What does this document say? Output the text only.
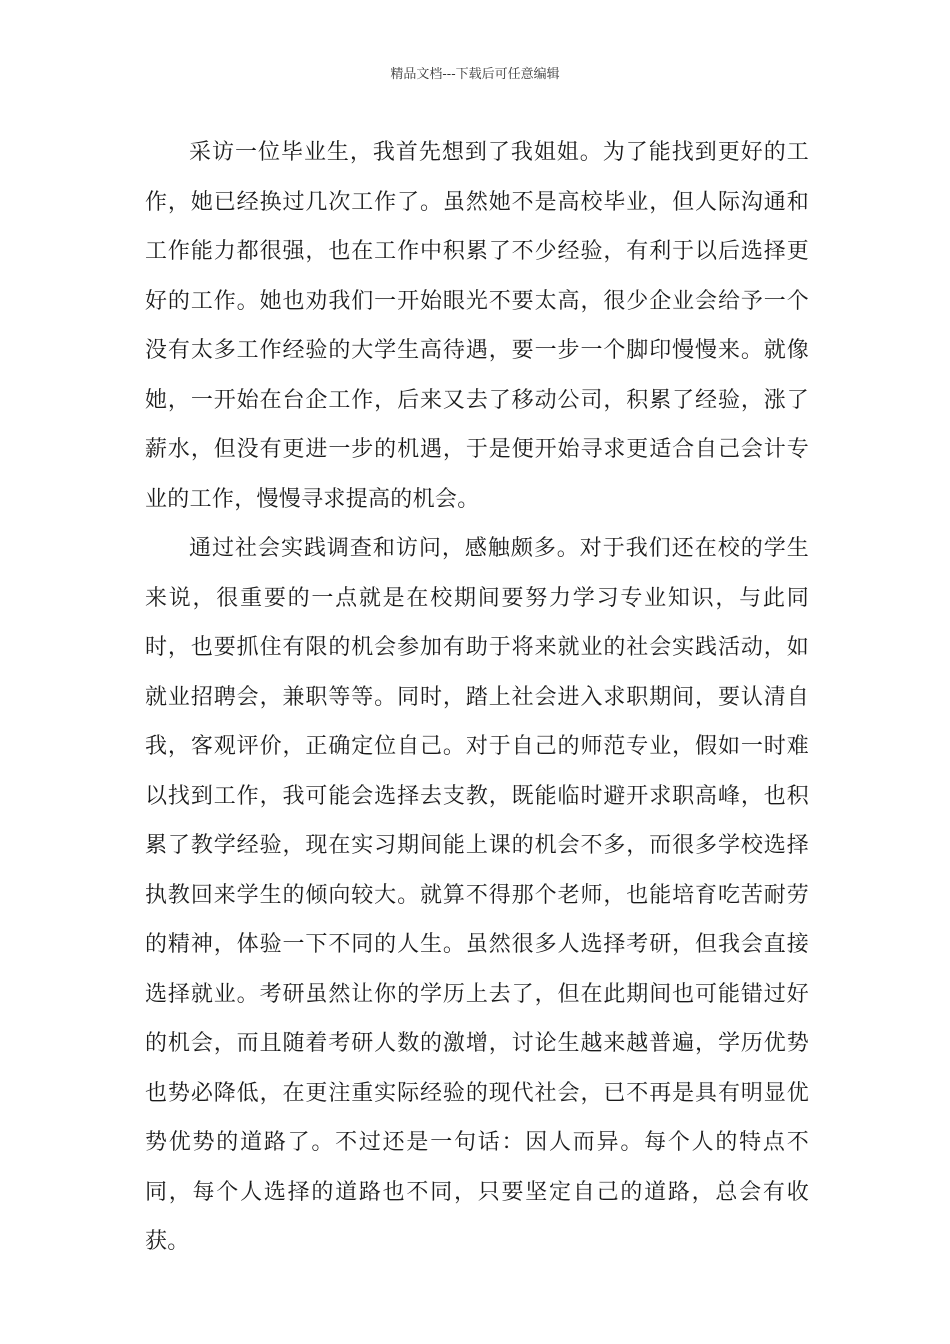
精品文档---下载后可任意编辑

采访一位毕业生，我首先想到了我姐姐。为了能找到更好的工作，她已经换过几次工作了。虽然她不是高校毕业，但人际沟通和工作能力都很强，也在工作中积累了不少经验，有利于以后选择更好的工作。她也劝我们一开始眼光不要太高，很少企业会给予一个没有太多工作经验的大学生高待遇，要一步一个脚印慢慢来。就像她，一开始在台企工作，后来又去了移动公司，积累了经验，涨了薪水，但没有更进一步的机遇，于是便开始寻求更适合自己会计专业的工作，慢慢寻求提高的机会。

通过社会实践调查和访问，感触颇多。对于我们还在校的学生来说，很重要的一点就是在校期间要努力学习专业知识，与此同时，也要抓住有限的机会参加有助于将来就业的社会实践活动，如就业招聘会，兼职等等。同时，踏上社会进入求职期间，要认清自我，客观评价，正确定位自己。对于自己的师范专业，假如一时难以找到工作，我可能会选择去支教，既能临时避开求职高峰，也积累了教学经验，现在实习期间能上课的机会不多，而很多学校选择执教回来学生的倾向较大。就算不得那个老师，也能培育吃苦耐劳的精神，体验一下不同的人生。虽然很多人选择考研，但我会直接选择就业。考研虽然让你的学历上去了，但在此期间也可能错过好的机会，而且随着考研人数的激增，讨论生越来越普遍，学历优势也势必降低，在更注重实际经验的现代社会，已不再是具有明显优势优势的道路了。不过还是一句话：因人而异。每个人的特点不同，每个人选择的道路也不同，只要坚定自己的道路，总会有收获。
